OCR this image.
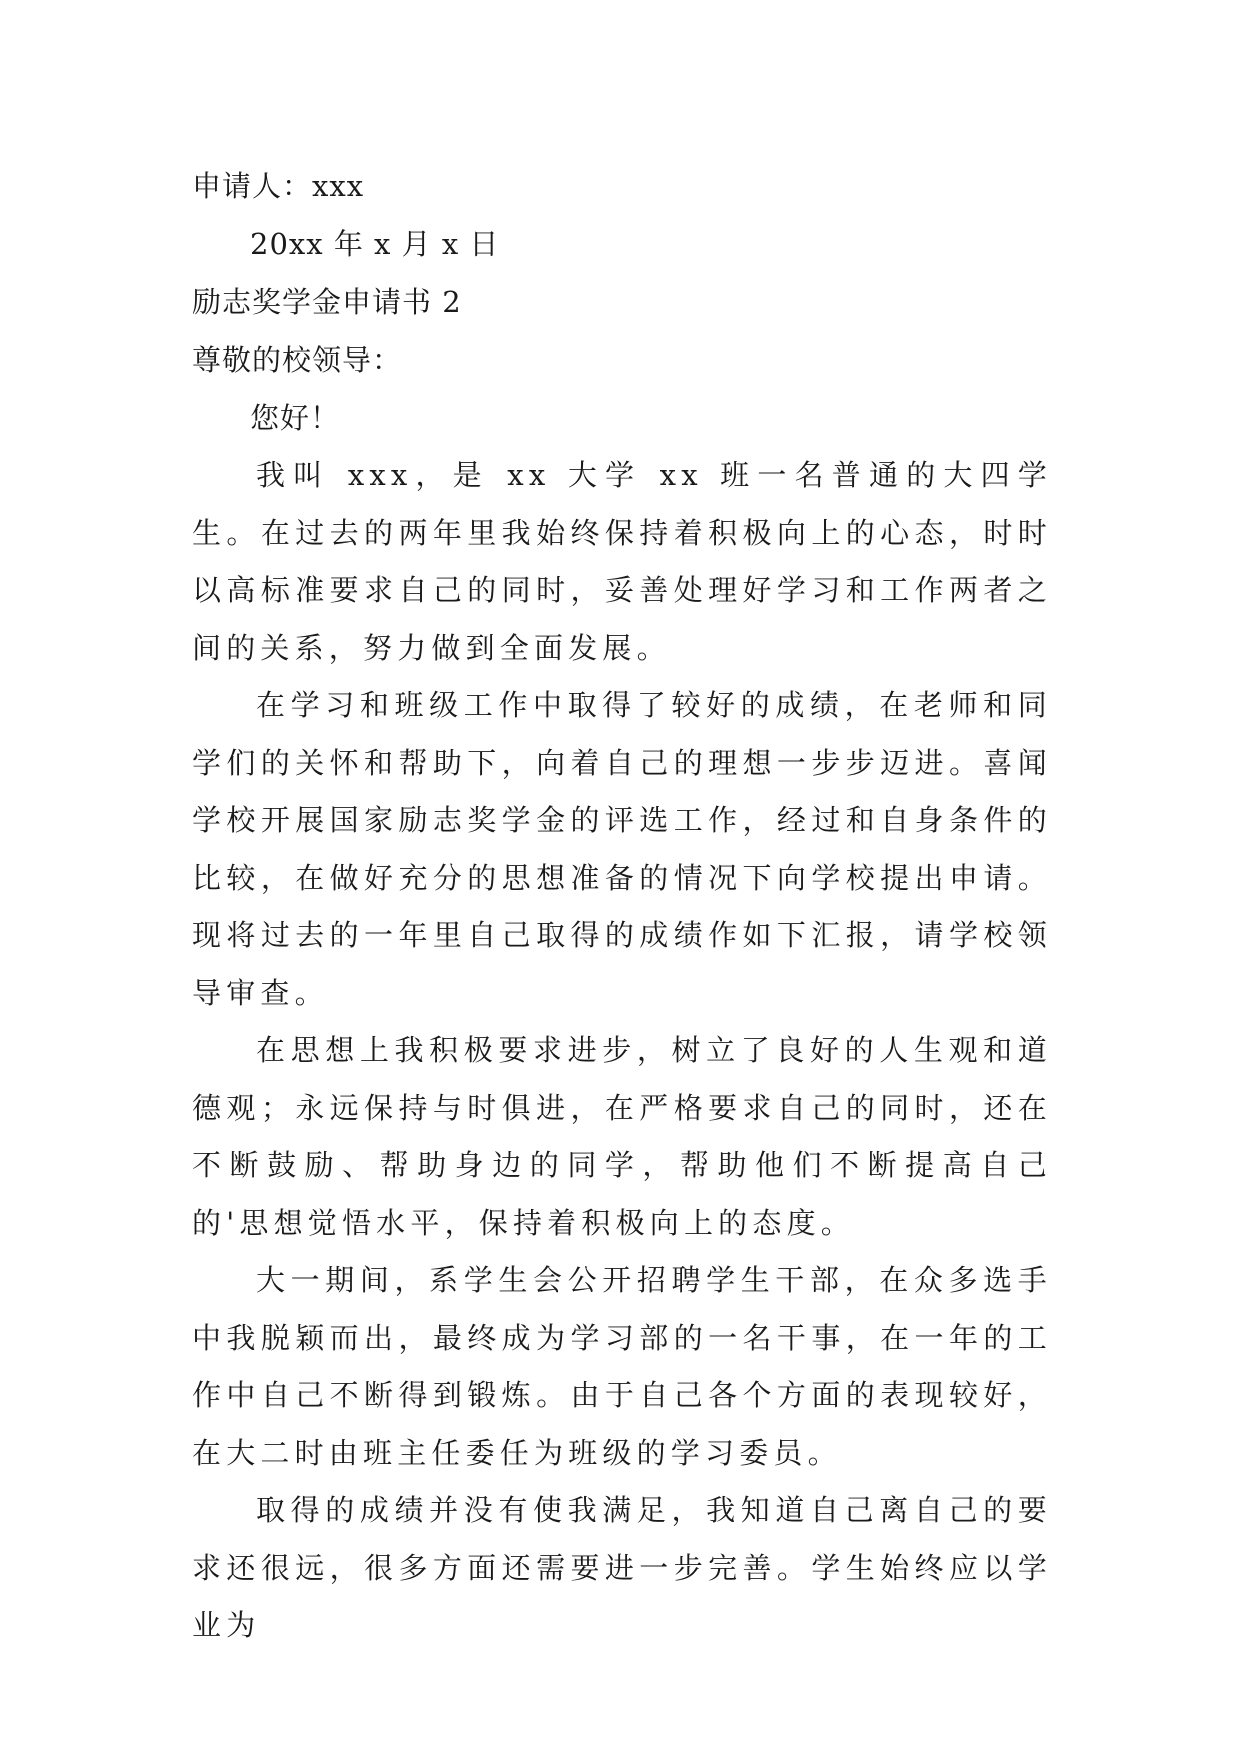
申请人：xxx
20xx 年 x 月 x 日
励志奖学金申请书 2
尊敬的校领导：
您好！

我叫 xxx，是 xx 大学 xx 班一名普通的大四学生。在过去的两年里我始终保持着积极向上的心态，时时以高标准要求自己的同时，妥善处理好学习和工作两者之间的关系，努力做到全面发展。

在学习和班级工作中取得了较好的成绩，在老师和同学们的关怀和帮助下，向着自己的理想一步步迈进。喜闻学校开展国家励志奖学金的评选工作，经过和自身条件的比较，在做好充分的思想准备的情况下向学校提出申请。现将过去的一年里自己取得的成绩作如下汇报，请学校领导审查。

在思想上我积极要求进步，树立了良好的人生观和道德观；永远保持与时俱进，在严格要求自己的同时，还在不断鼓励、帮助身边的同学，帮助他们不断提高自己的'思想觉悟水平，保持着积极向上的态度。

大一期间，系学生会公开招聘学生干部，在众多选手中我脱颖而出，最终成为学习部的一名干事，在一年的工作中自己不断得到锻炼。由于自己各个方面的表现较好，在大二时由班主任委任为班级的学习委员。

取得的成绩并没有使我满足，我知道自己离自己的要求还很远，很多方面还需要进一步完善。学生始终应以学业为
